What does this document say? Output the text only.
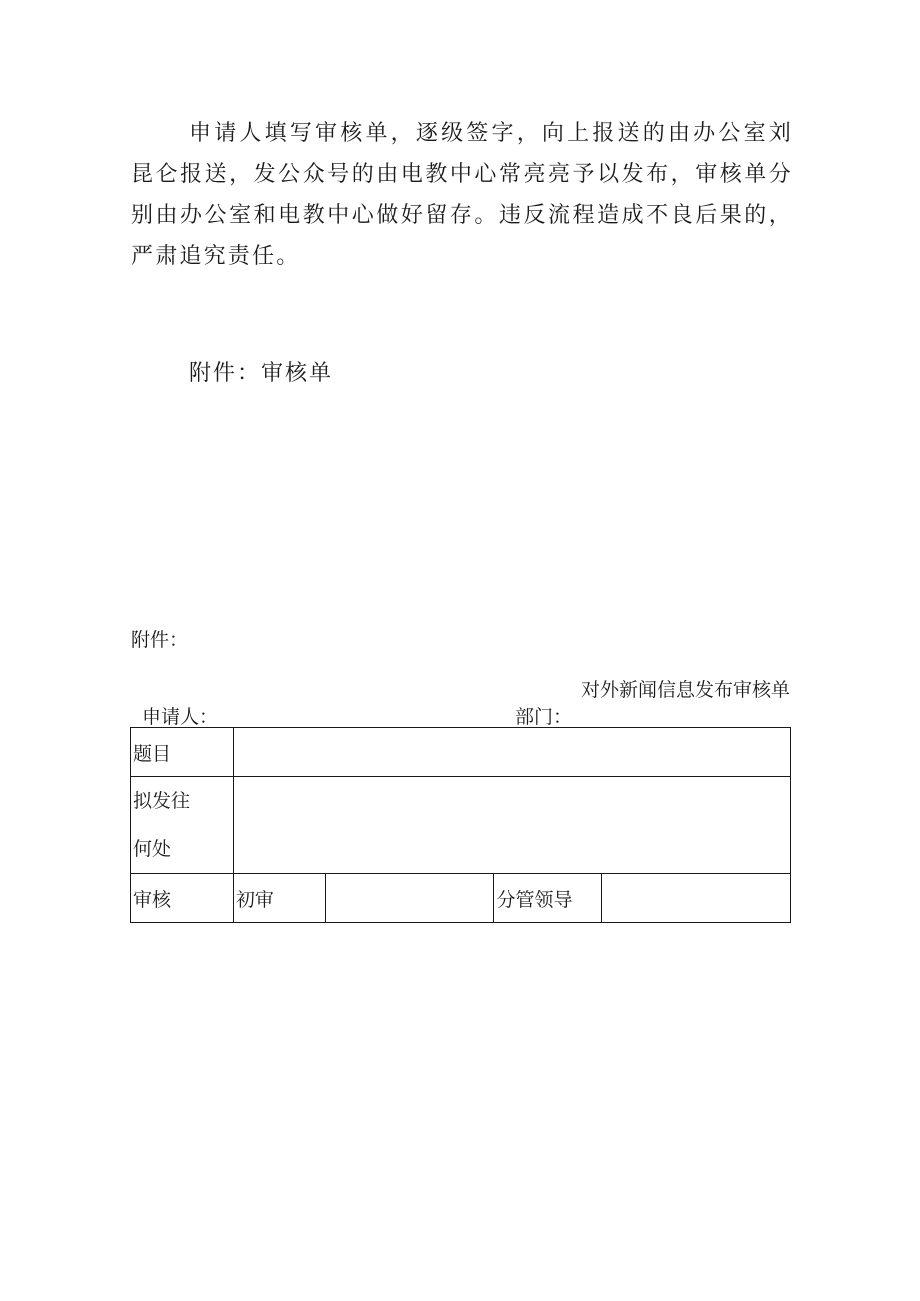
申请人填写审核单，逐级签字，向上报送的由办公室刘昆仑报送，发公众号的由电教中心常亮亮予以发布，审核单分别由办公室和电教中心做好留存。违反流程造成不良后果的，严肃追究责任。

附件：审核单

附件：

对外新闻信息发布审核单

申请人：	部门：

题目				

拟发往
何处				

审核	初审		分管领导	
